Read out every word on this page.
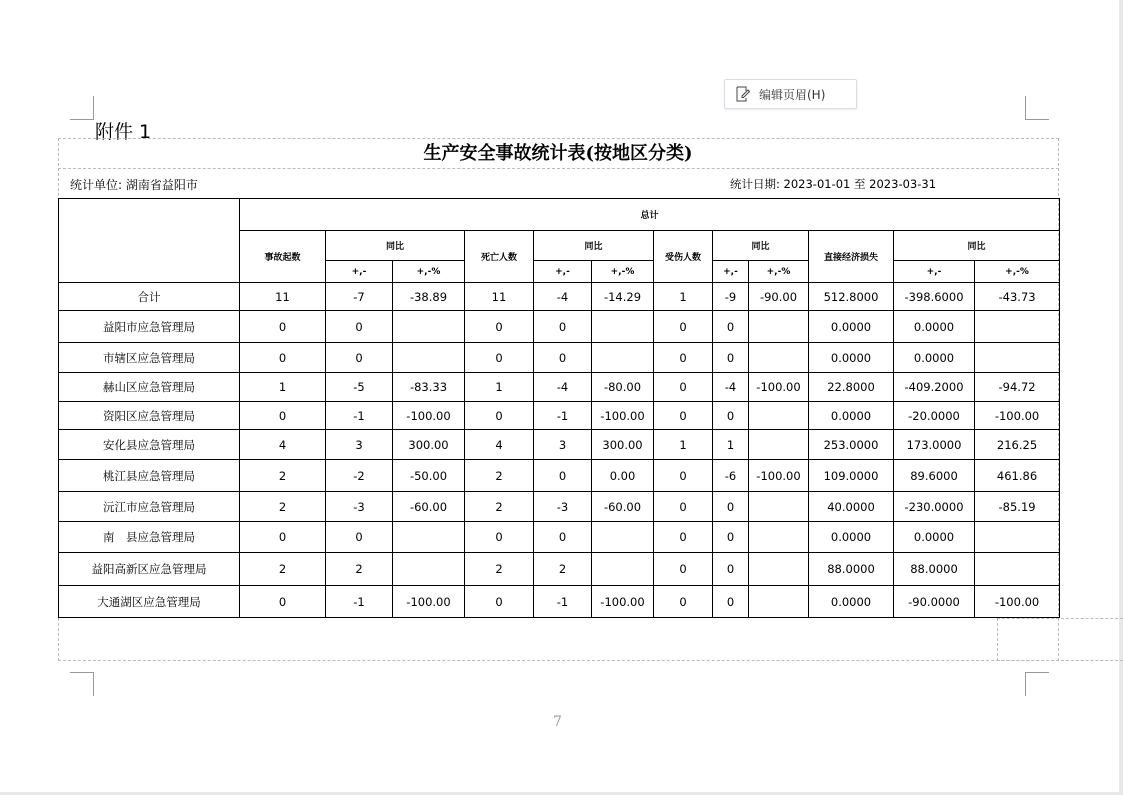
编辑页眉(H)
附件 1
生产安全事故统计表(按地区分类)
统计单位: 湖南省益阳市	统计日期: 2023-01-01 至 2023-03-31
	总计											
	事故起数	同比		死亡人数	同比		受伤人数	同比		直接经济损失	同比	
		+,-	+,-%		+,-	+,-%		+,-	+,-%		+,-	+,-%
合计	11	-7	-38.89	11	-4	-14.29	1	-9	-90.00	512.8000	-398.6000	-43.73
益阳市应急管理局	0	0		0	0		0	0		0.0000	0.0000	
市辖区应急管理局	0	0		0	0		0	0		0.0000	0.0000	
赫山区应急管理局	1	-5	-83.33	1	-4	-80.00	0	-4	-100.00	22.8000	-409.2000	-94.72
资阳区应急管理局	0	-1	-100.00	0	-1	-100.00	0	0		0.0000	-20.0000	-100.00
安化县应急管理局	4	3	300.00	4	3	300.00	1	1		253.0000	173.0000	216.25
桃江县应急管理局	2	-2	-50.00	2	0	0.00	0	-6	-100.00	109.0000	89.6000	461.86
沅江市应急管理局	2	-3	-60.00	2	-3	-60.00	0	0		40.0000	-230.0000	-85.19
南　县应急管理局	0	0		0	0		0	0		0.0000	0.0000	
益阳高新区应急管理局	2	2		2	2		0	0		88.0000	88.0000	
大通湖区应急管理局	0	-1	-100.00	0	-1	-100.00	0	0		0.0000	-90.0000	-100.00
7
